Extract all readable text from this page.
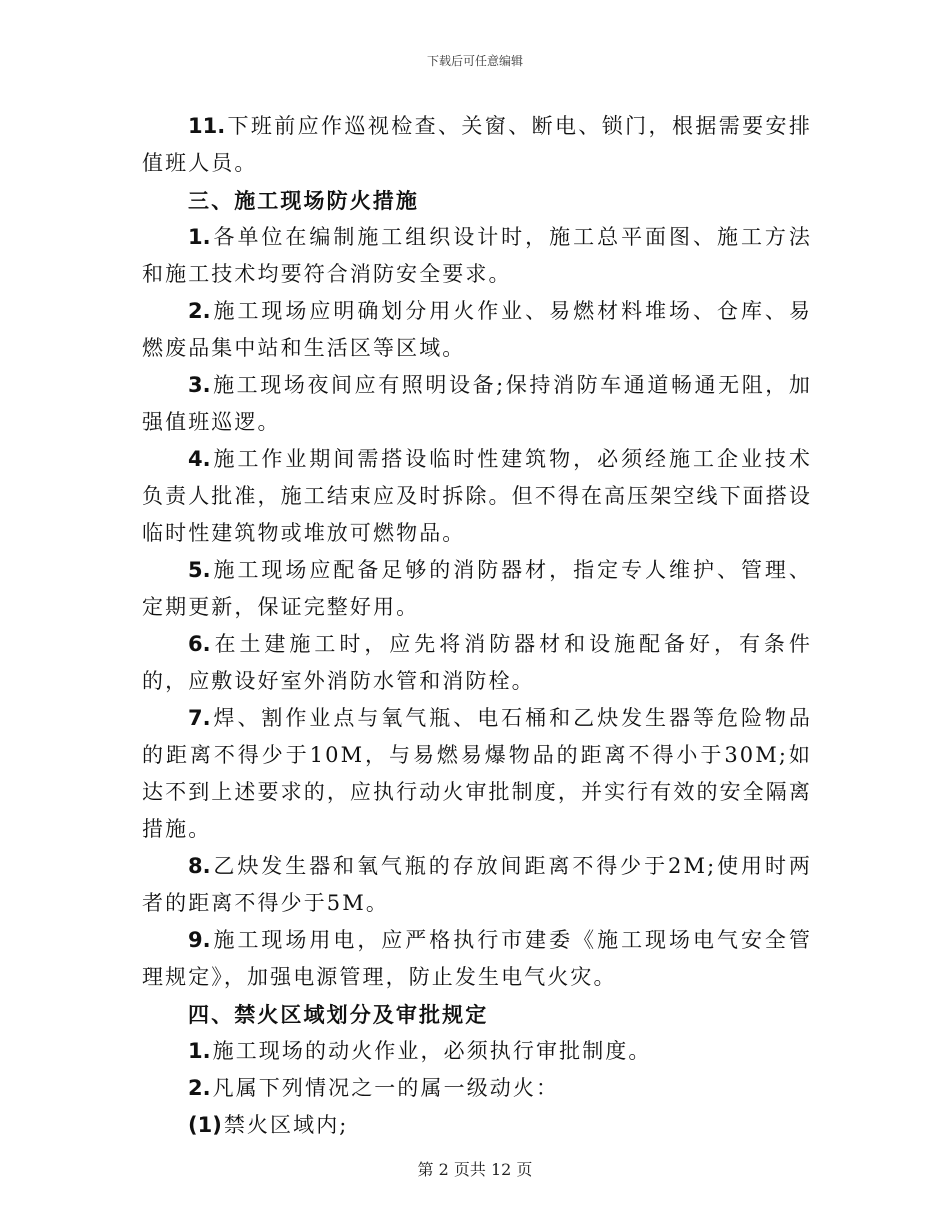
下载后可任意编辑

11.下班前应作巡视检查、关窗、断电、锁门，根据需要安排值班人员。

三、施工现场防火措施

1.各单位在编制施工组织设计时，施工总平面图、施工方法和施工技术均要符合消防安全要求。

2.施工现场应明确划分用火作业、易燃材料堆场、仓库、易燃废品集中站和生活区等区域。

3.施工现场夜间应有照明设备;保持消防车通道畅通无阻，加强值班巡逻。

4.施工作业期间需搭设临时性建筑物，必须经施工企业技术负责人批准，施工结束应及时拆除。但不得在高压架空线下面搭设临时性建筑物或堆放可燃物品。

5.施工现场应配备足够的消防器材，指定专人维护、管理、定期更新，保证完整好用。

6.在土建施工时，应先将消防器材和设施配备好，有条件的，应敷设好室外消防水管和消防栓。

7.焊、割作业点与氧气瓶、电石桶和乙炔发生器等危险物品的距离不得少于10M，与易燃易爆物品的距离不得小于30M;如达不到上述要求的，应执行动火审批制度，并实行有效的安全隔离措施。

8.乙炔发生器和氧气瓶的存放间距离不得少于2M;使用时两者的距离不得少于5M。

9.施工现场用电，应严格执行市建委《施工现场电气安全管理规定》，加强电源管理，防止发生电气火灾。

四、禁火区域划分及审批规定

1.施工现场的动火作业，必须执行审批制度。

2.凡属下列情况之一的属一级动火：

(1)禁火区域内;

第 2 页共 12 页
